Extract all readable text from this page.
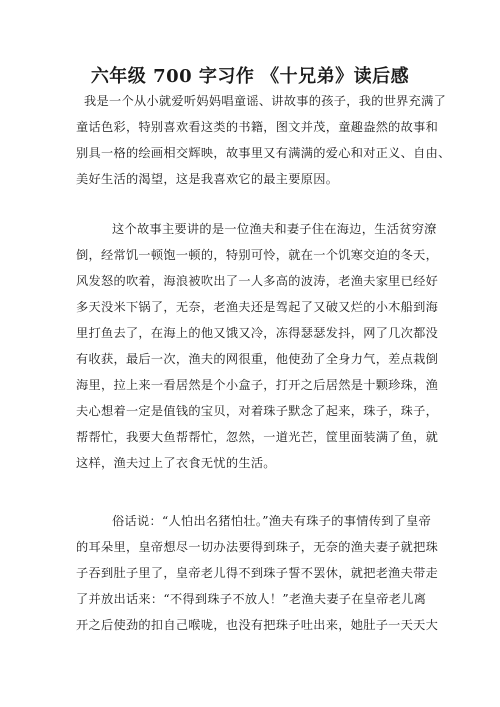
六年级 700 字习作 《十兄弟》读后感
我是一个从小就爱听妈妈唱童谣、讲故事的孩子，我的世界充满了
童话色彩，特别喜欢看这类的书籍，图文并茂，童趣盎然的故事和
别具一格的绘画相交辉映，故事里又有满满的爱心和对正义、自由、
美好生活的渴望，这是我喜欢它的最主要原因。
这个故事主要讲的是一位渔夫和妻子住在海边，生活贫穷潦
倒，经常饥一顿饱一顿的，特别可怜，就在一个饥寒交迫的冬天，
风发怒的吹着，海浪被吹出了一人多高的波涛，老渔夫家里已经好
多天没米下锅了，无奈，老渔夫还是驾起了又破又烂的小木船到海
里打鱼去了，在海上的他又饿又冷，冻得瑟瑟发抖，网了几次都没
有收获，最后一次，渔夫的网很重，他使劲了全身力气，差点栽倒
海里，拉上来一看居然是个小盒子，打开之后居然是十颗珍珠，渔
夫心想着一定是值钱的宝贝，对着珠子默念了起来，珠子，珠子，
帮帮忙，我要大鱼帮帮忙，忽然，一道光芒，筐里面装满了鱼，就
这样，渔夫过上了衣食无忧的生活。
俗话说：“人怕出名猪怕壮。”渔夫有珠子的事情传到了皇帝
的耳朵里，皇帝想尽一切办法要得到珠子，无奈的渔夫妻子就把珠
子吞到肚子里了，皇帝老儿得不到珠子誓不罢休，就把老渔夫带走
了并放出话来：“不得到珠子不放人！”老渔夫妻子在皇帝老儿离
开之后使劲的扣自己喉咙，也没有把珠子吐出来，她肚子一天天大
